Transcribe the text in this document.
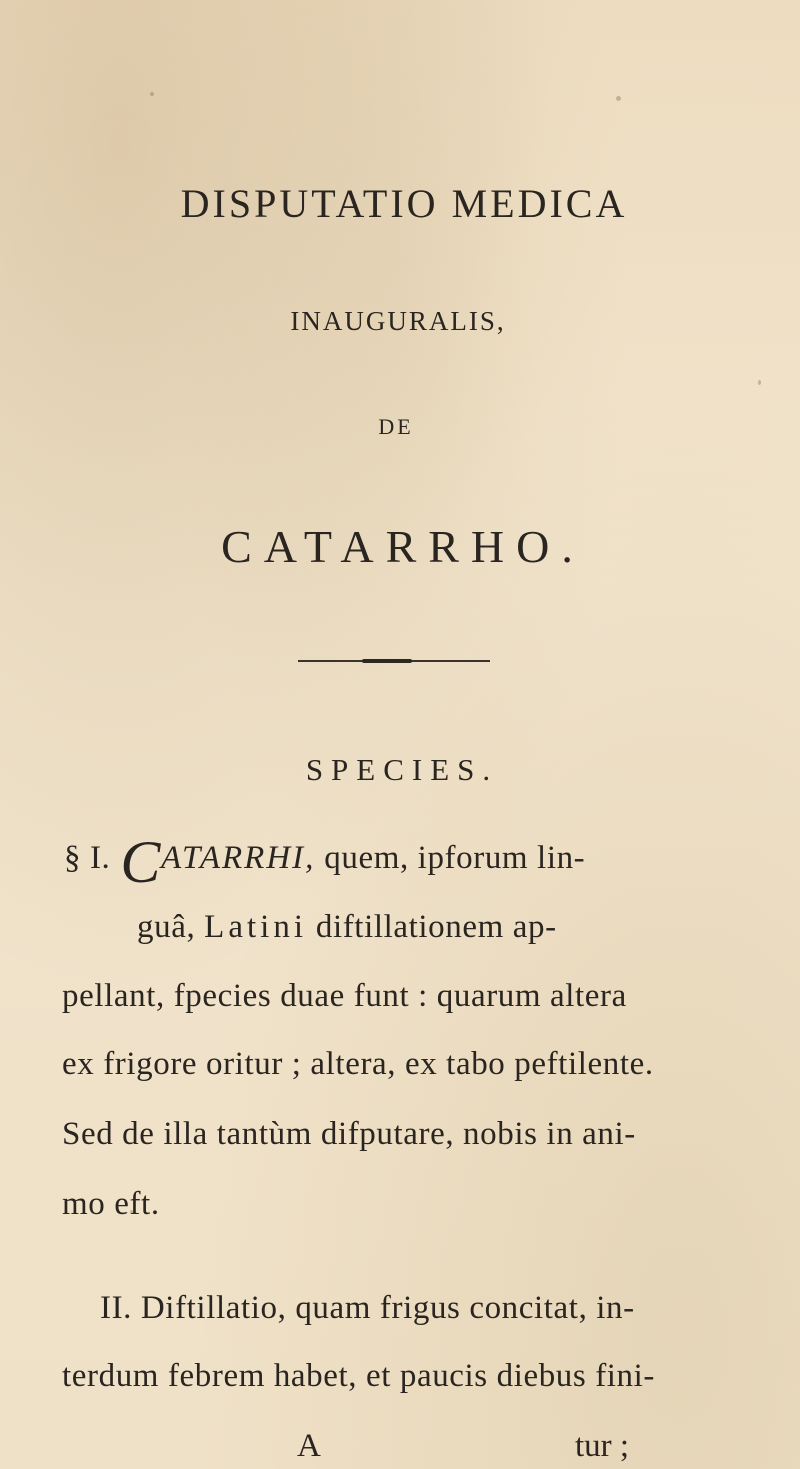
DISPUTATIO MEDICA
INAUGURALIS,
DE
CATARRHO.
SPECIES.
§ I. CATARRHI, quem, ipforum lin-
guâ, Latini diftillationem ap-
pellant, fpecies duae funt : quarum altera
ex frigore oritur ; altera, ex tabo peftilente.
Sed de illa tantùm difputare, nobis in ani-
mo eft.
II. Diftillatio, quam frigus concitat, in-
terdum febrem habet, et paucis diebus fini-
A	tur ;
